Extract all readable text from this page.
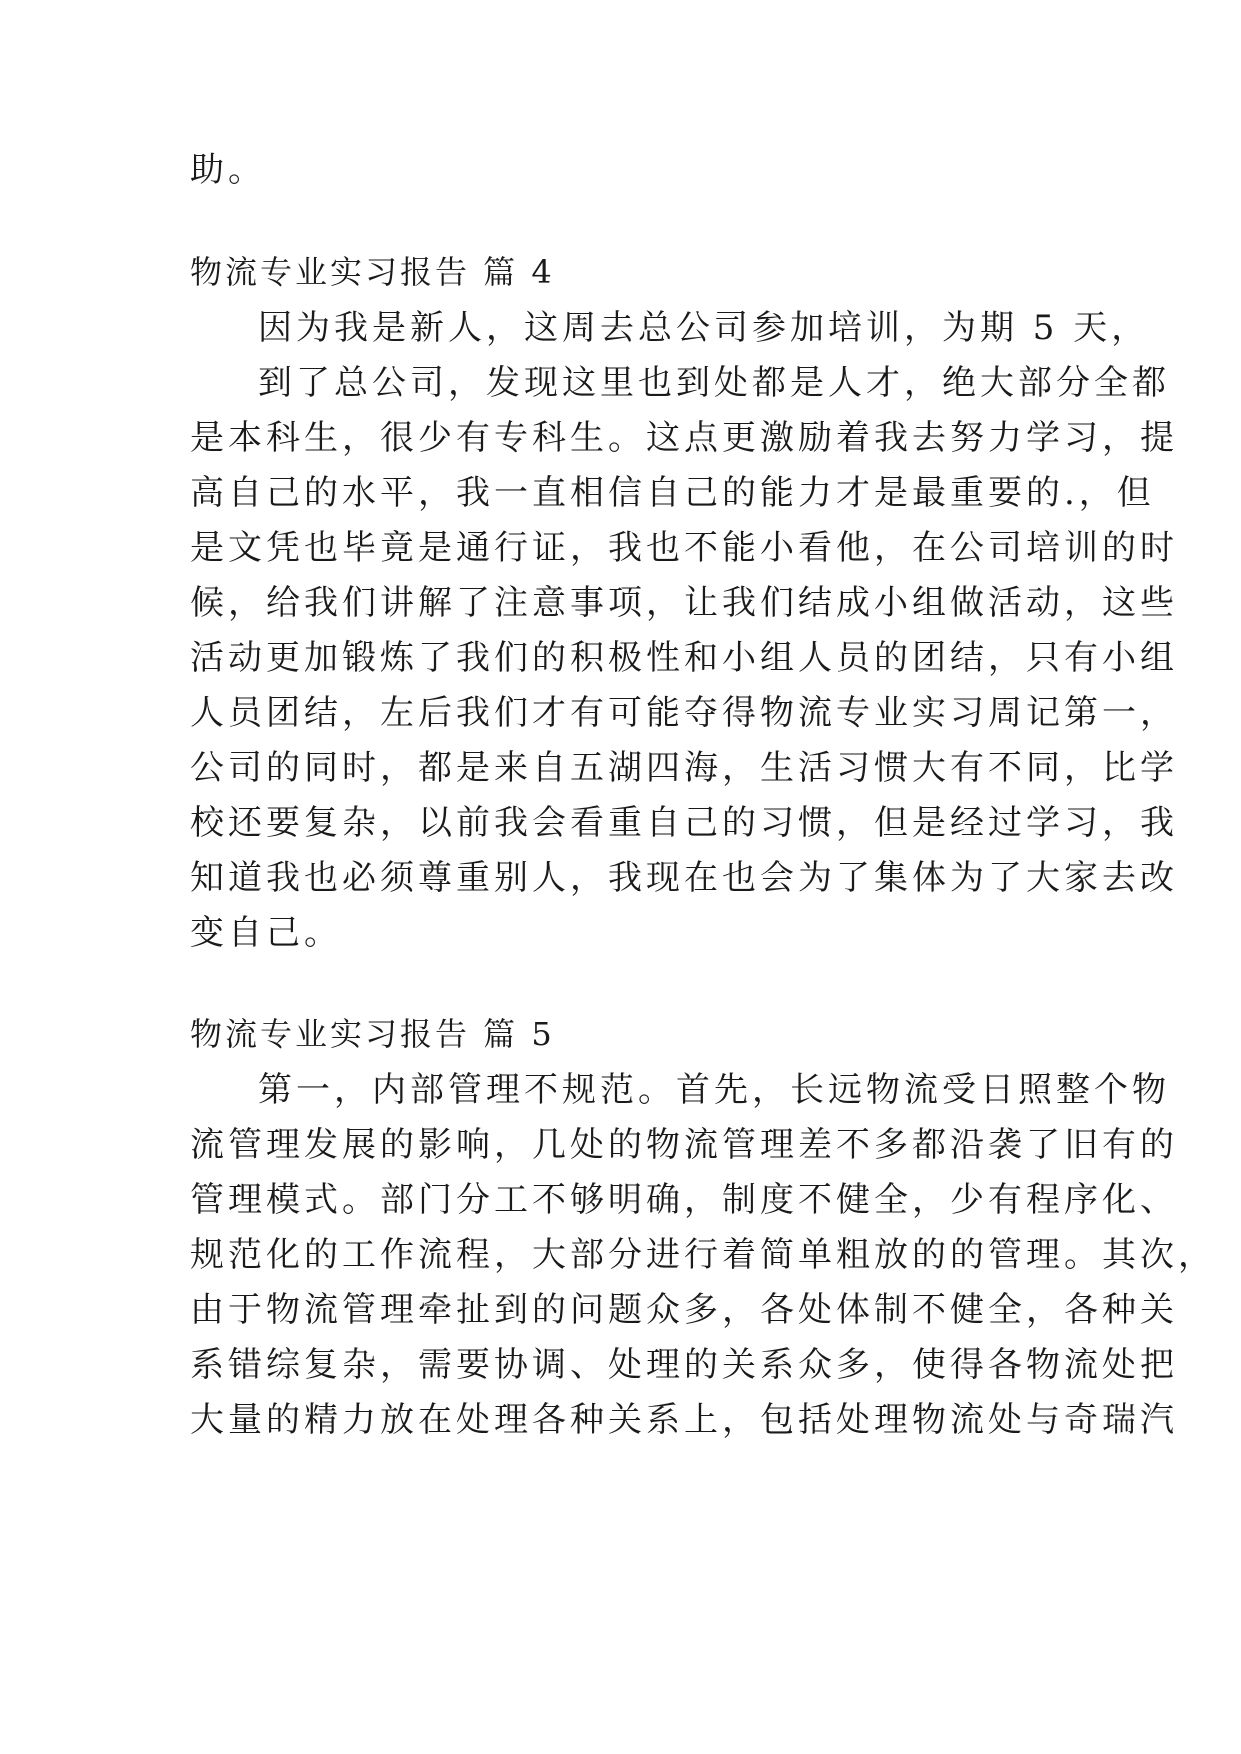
助。
物流专业实习报告 篇 4
因为我是新人，这周去总公司参加培训，为期 5 天，
到了总公司，发现这里也到处都是人才，绝大部分全都
是本科生，很少有专科生。这点更激励着我去努力学习，提
高自己的水平，我一直相信自己的能力才是最重要的.，但
是文凭也毕竟是通行证，我也不能小看他，在公司培训的时
候，给我们讲解了注意事项，让我们结成小组做活动，这些
活动更加锻炼了我们的积极性和小组人员的团结，只有小组
人员团结，左后我们才有可能夺得物流专业实习周记第一，
公司的同时，都是来自五湖四海，生活习惯大有不同，比学
校还要复杂，以前我会看重自己的习惯，但是经过学习，我
知道我也必须尊重别人，我现在也会为了集体为了大家去改
变自己。
物流专业实习报告 篇 5
第一，内部管理不规范。首先，长远物流受日照整个物
流管理发展的影响，几处的物流管理差不多都沿袭了旧有的
管理模式。部门分工不够明确，制度不健全，少有程序化、
规范化的工作流程，大部分进行着简单粗放的的管理。其次，
由于物流管理牵扯到的问题众多，各处体制不健全，各种关
系错综复杂，需要协调、处理的关系众多，使得各物流处把
大量的精力放在处理各种关系上，包括处理物流处与奇瑞汽
